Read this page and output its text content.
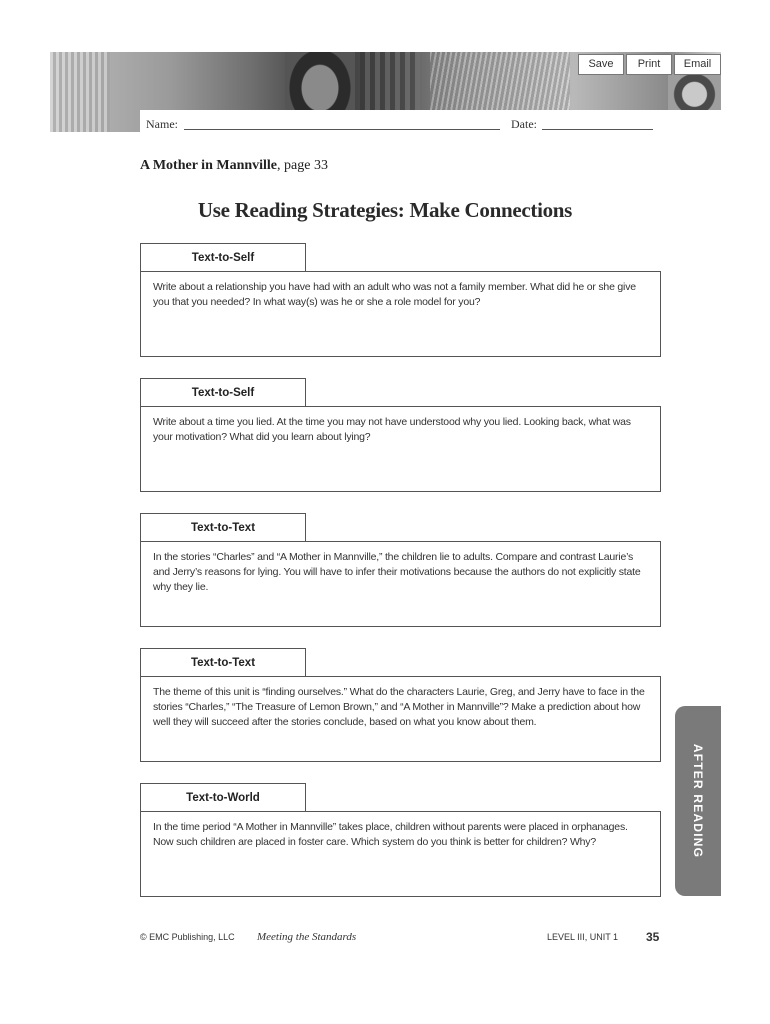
Save	Print	Email
Name:	Date:
A Mother in Mannville, page 33
Use Reading Strategies: Make Connections
Text-to-Self
Write about a relationship you have had with an adult who was not a family member. What did he or she give you that you needed? In what way(s) was he or she a role model for you?
Text-to-Self
Write about a time you lied. At the time you may not have understood why you lied. Looking back, what was your motivation? What did you learn about lying?
Text-to-Text
In the stories “Charles” and “A Mother in Mannville,” the children lie to adults. Compare and contrast Laurie’s and Jerry’s reasons for lying. You will have to infer their motivations because the authors do not explicitly state why they lie.
Text-to-Text
The theme of this unit is “finding ourselves.” What do the characters Laurie, Greg, and Jerry have to face in the stories “Charles,” “The Treasure of Lemon Brown,” and “A Mother in Mannville”? Make a prediction about how well they will succeed after the stories conclude, based on what you know about them.
Text-to-World
In the time period “A Mother in Mannville” takes place, children without parents were placed in orphanages. Now such children are placed in foster care. Which system do you think is better for children? Why?	AFTER READING
© EMC Publishing, LLC Meeting the Standards	LEVEL III, UNIT 1 35
